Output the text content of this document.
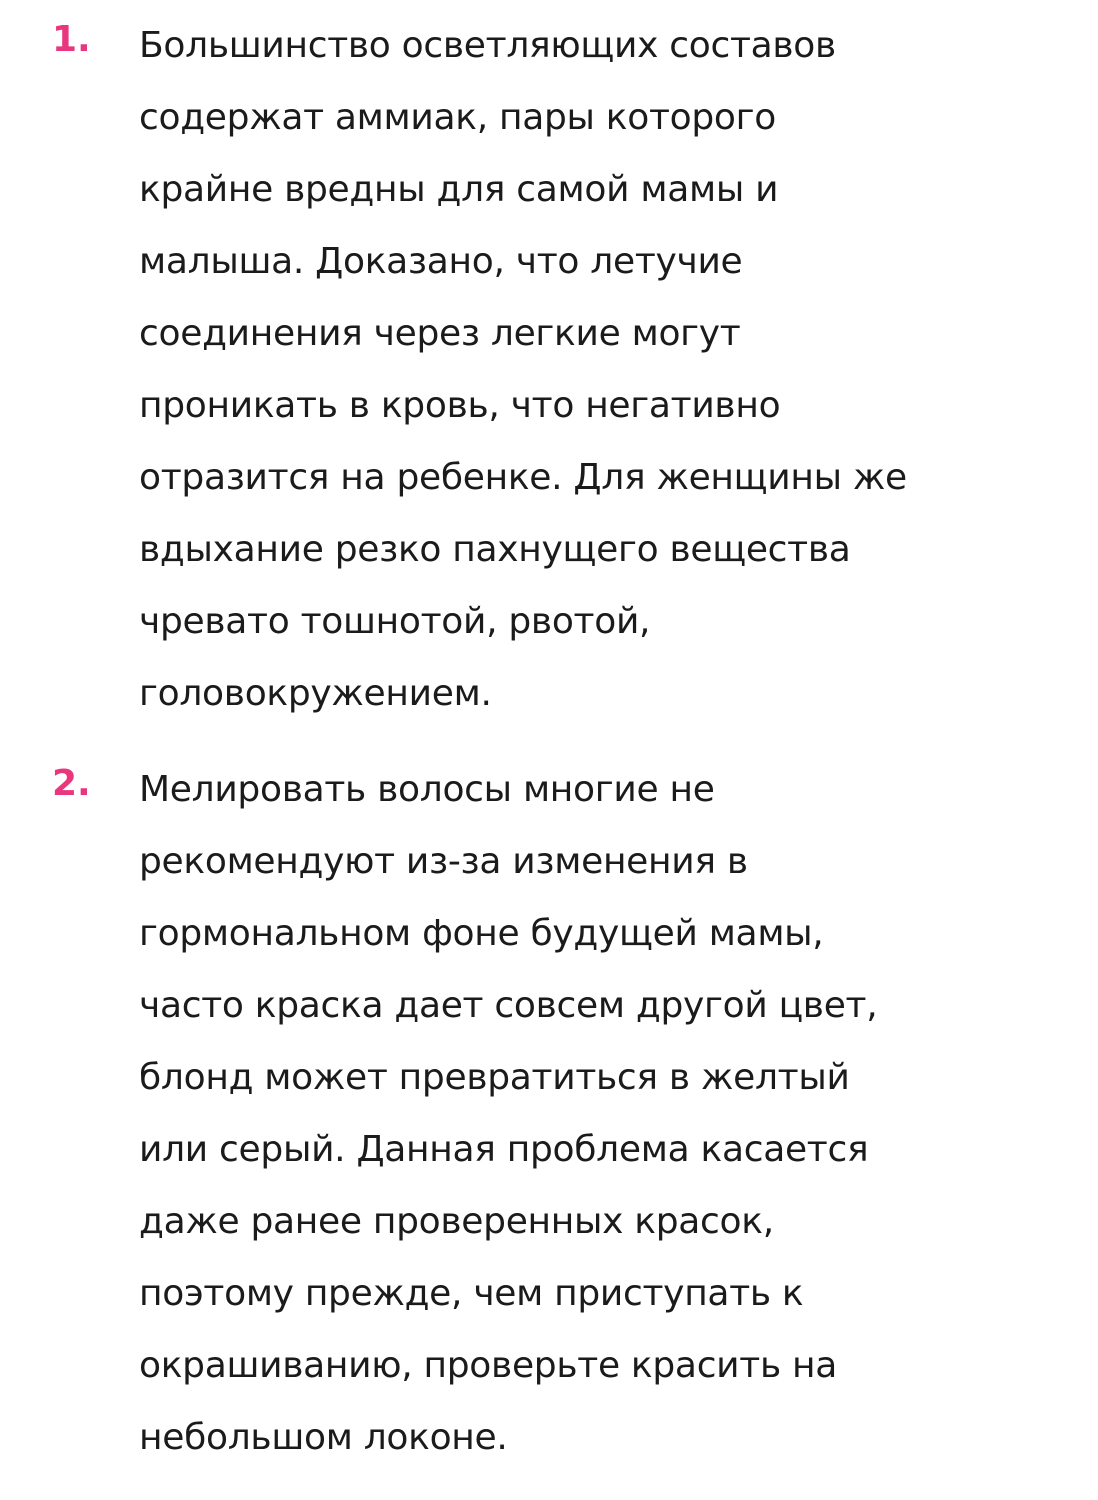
1. Большинство осветляющих составов
содержат аммиак, пары которого
крайне вредны для самой мамы и
малыша. Доказано, что летучие
соединения через легкие могут
проникать в кровь, что негативно
отразится на ребенке. Для женщины же
вдыхание резко пахнущего вещества
чревато тошнотой, рвотой,
головокружением.
2. Мелировать волосы многие не
рекомендуют из-за изменения в
гормональном фоне будущей мамы,
часто краска дает совсем другой цвет,
блонд может превратиться в желтый
или серый. Данная проблема касается
даже ранее проверенных красок,
поэтому прежде, чем приступать к
окрашиванию, проверьте красить на
небольшом локоне.
